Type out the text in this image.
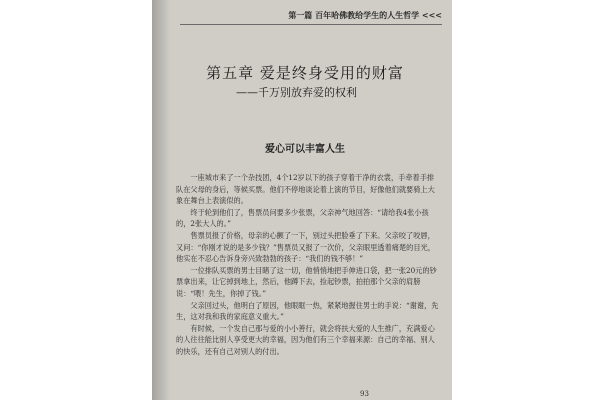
第一篇 百年哈佛教给学生的人生哲学 <<<
第五章 爱是终身受用的财富
——千万别放弃爱的权利
爱心可以丰富人生

一座城市来了一个杂技团，4个12岁以下的孩子穿着干净的衣裳，手牵着手排队在父母的身后，等候买票。他们不停地谈论着上演的节目，好像他们就要骑上大象在舞台上表演似的。

终于轮到他们了，售票员问要多少张票，父亲神气地回答：“请给我4张小孩的，2张大人的。”

售票员报了价格，母亲的心颤了一下，别过头把脸垂了下来。父亲咬了咬唇，又问：“你刚才说的是多少钱？”售票员又报了一次价，父亲眼里透着痛楚的目光，他实在不忍心告诉身旁兴致勃勃的孩子：“我们的钱不够！”

一位排队买票的男士目睹了这一切，他悄悄地把手伸进口袋，把一张20元的钞票拿出来，让它掉到地上，然后，他蹲下去，捡起钞票，拍拍那个父亲的肩膀说：“喂！先生，你掉了钱。”

父亲回过头，他明白了原因，他眼眶一热，紧紧地握住男士的手说：“谢谢，先生，这对我和我的家庭意义重大。”

有时候，一个发自己那与爱的小小善行，就会将扶大爱的人生推广，充满爱心的人往往能比别人享受更大的幸福，因为他们有三个幸福来源：自己的幸福、别人的快乐，还有自己对别人的付出。

93
